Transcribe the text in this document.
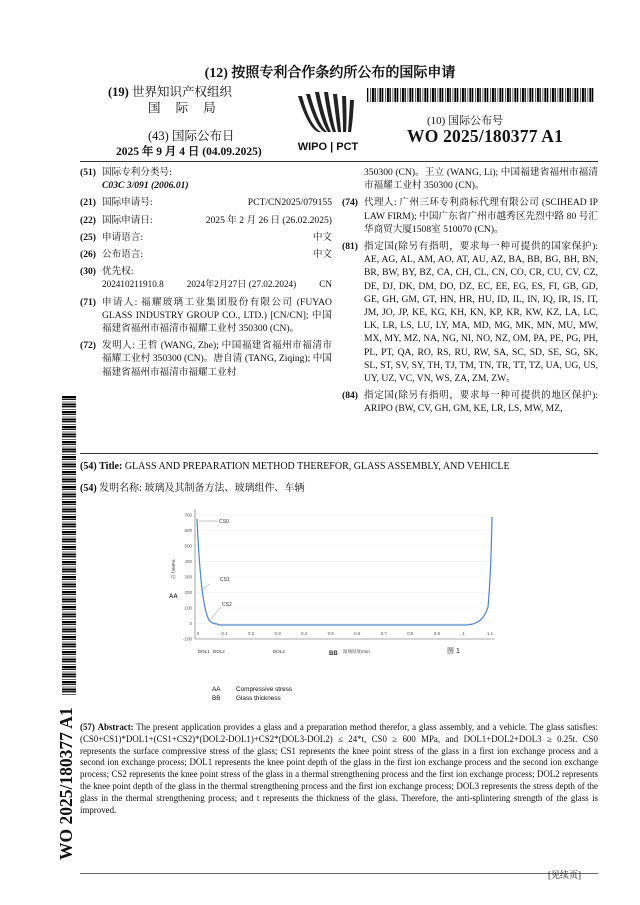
(12) 按照专利合作条约所公布的国际申请
(19) 世界知识产权组织
国 际 局
WIPO | PCT
(43) 国际公布日
2025 年 9 月 4 日 (04.09.2025)
(10) 国际公布号
WO 2025/180377 A1
(51) 国际专利分类号:
C03C 3/091 (2006.01)
(21) 国际申请号:	PCT/CN2025/079155
(22) 国际申请日:	2025 年 2 月 26 日 (26.02.2025)
(25) 申请语言:	中文
(26) 公布语言:	中文
(30) 优先权:
202410211910.8	2024年2月27日 (27.02.2024)	CN
(71) 申请人: 福耀玻璃工业集团股份有限公司 (FUYAO GLASS INDUSTRY GROUP CO., LTD.) [CN/CN]; 中国福建省福州市福清市福耀工业村 350300 (CN)。
(72) 发明人: 王哲 (WANG, Zhe); 中国福建省福州市福清市福耀工业村 350300 (CN)。唐自清 (TANG, Ziqing); 中国福建省福州市福清市福耀工业村
350300 (CN)。王立 (WANG, Li); 中国福建省福州市福清市福耀工业村 350300 (CN)。
(74) 代理人: 广州三环专利商标代理有限公司 (SCIHEAD IP LAW FIRM); 中国广东省广州市越秀区先烈中路 80 号汇华商贸大厦1508室 510070 (CN)。
(81) 指定国(除另有指明，要求每一种可提供的国家保护): AE, AG, AL, AM, AO, AT, AU, AZ, BA, BB, BG, BH, BN, BR, BW, BY, BZ, CA, CH, CL, CN, CO, CR, CU, CV, CZ, DE, DJ, DK, DM, DO, DZ, EC, EE, EG, ES, FI, GB, GD, GE, GH, GM, GT, HN, HR, HU, ID, IL, IN, IQ, IR, IS, IT, JM, JO, JP, KE, KG, KH, KN, KP, KR, KW, KZ, LA, LC, LK, LR, LS, LU, LY, MA, MD, MG, MK, MN, MU, MW, MX, MY, MZ, NA, NG, NI, NO, NZ, OM, PA, PE, PG, PH, PL, PT, QA, RO, RS, RU, RW, SA, SC, SD, SE, SG, SK, SL, ST, SV, SY, TH, TJ, TM, TN, TR, TT, TZ, UA, UG, US, UY, UZ, VC, VN, WS, ZA, ZM, ZW。
(84) 指定国(除另有指明，要求每一种可提供的地区保护): ARIPO (BW, CV, GH, GM, KE, LR, LS, MW, MZ,
(54) Title: GLASS AND PREPARATION METHOD THEREFOR, GLASS ASSEMBLY, AND VEHICLE
(54) 发明名称: 玻璃及其制备方法、玻璃组件、车辆
700
600
500
400
300
200
100
0
-100
0	0.1	0.2	0.3	0.4	0.5	0.6	0.7	0.8	0.9	1	1.1
CS0
CS1
CS2
AA
应力/MPa
BB 玻璃厚度/mm
DOL1 DOL2	DOL3	图 1
AA Compressive stress
BB Glass thickness
(57) Abstract: The present application provides a glass and a preparation method therefor, a glass assembly, and a vehicle. The glass satisfies: (CS0+CS1)*DOL1+(CS1+CS2)*(DOL2-DOL1)+CS2*(DOL3-DOL2) ≤ 24*t, CS0 ≥ 600 MPa, and DOL1+DOL2+DOL3 ≥ 0.25t. CS0 represents the surface compressive stress of the glass; CS1 represents the knee point stress of the glass in a first ion exchange process and a second ion exchange process; DOL1 represents the knee point depth of the glass in the first ion exchange process and the second ion exchange process; CS2 represents the knee point stress of the glass in a thermal strengthening process and the first ion exchange process; DOL2 represents the knee point depth of the glass in the thermal strengthening process and the first ion exchange process; DOL3 represents the stress depth of the glass in the thermal strengthening process; and t represents the thickness of the glass. Therefore, the anti-splintering strength of the glass is improved.
WO 2025/180377 A1
[见续页]
